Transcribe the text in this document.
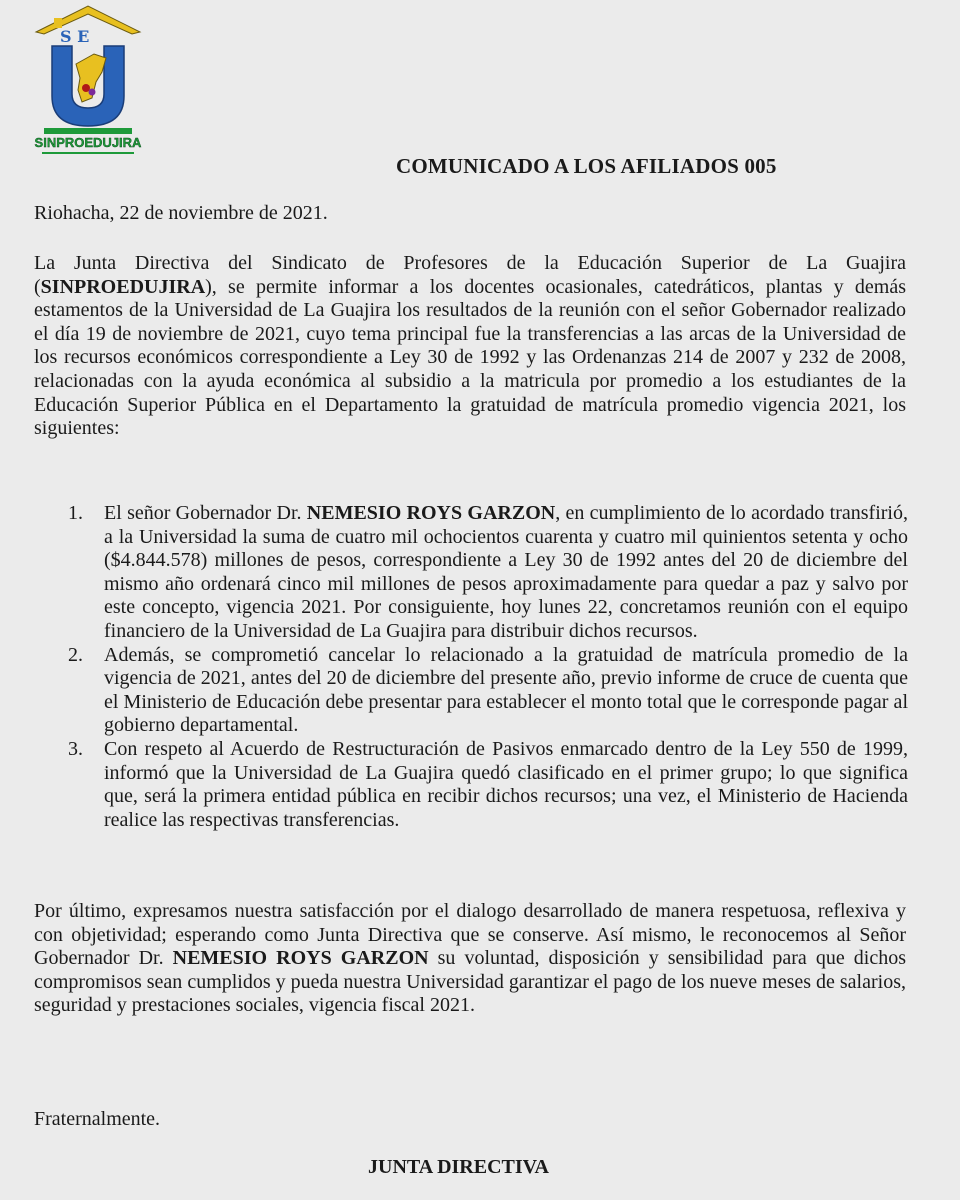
S E
SINPROEDUJIRA
COMUNICADO A LOS AFILIADOS 005
Riohacha, 22 de noviembre de 2021.
La Junta Directiva del Sindicato de Profesores de la Educación Superior de La Guajira (SINPROEDUJIRA), se permite informar a los docentes ocasionales, catedráticos, plantas y demás estamentos de la Universidad de La Guajira los resultados de la reunión con el señor Gobernador realizado el día 19 de noviembre de 2021, cuyo tema principal fue la transferencias a las arcas de la Universidad de los recursos económicos correspondiente a Ley 30 de 1992 y las Ordenanzas 214 de 2007 y 232 de 2008, relacionadas con la ayuda económica al subsidio a la matricula por promedio a los estudiantes de la Educación Superior Pública en el Departamento la gratuidad de matrícula promedio vigencia 2021, los siguientes:
1. El señor Gobernador Dr. NEMESIO ROYS GARZON, en cumplimiento de lo acordado transfirió, a la Universidad la suma de cuatro mil ochocientos cuarenta y cuatro mil quinientos setenta y ocho ($4.844.578) millones de pesos, correspondiente a Ley 30 de 1992 antes del 20 de diciembre del mismo año ordenará cinco mil millones de pesos aproximadamente para quedar a paz y salvo por este concepto, vigencia 2021. Por consiguiente, hoy lunes 22, concretamos reunión con el equipo financiero de la Universidad de La Guajira para distribuir dichos recursos.
2. Además, se comprometió cancelar lo relacionado a la gratuidad de matrícula promedio de la vigencia de 2021, antes del 20 de diciembre del presente año, previo informe de cruce de cuenta que el Ministerio de Educación debe presentar para establecer el monto total que le corresponde pagar al gobierno departamental.
3. Con respeto al Acuerdo de Restructuración de Pasivos enmarcado dentro de la Ley 550 de 1999, informó que la Universidad de La Guajira quedó clasificado en el primer grupo; lo que significa que, será la primera entidad pública en recibir dichos recursos; una vez, el Ministerio de Hacienda realice las respectivas transferencias.
Por último, expresamos nuestra satisfacción por el dialogo desarrollado de manera respetuosa, reflexiva y con objetividad; esperando como Junta Directiva que se conserve. Así mismo, le reconocemos al Señor Gobernador Dr. NEMESIO ROYS GARZON su voluntad, disposición y sensibilidad para que dichos compromisos sean cumplidos y pueda nuestra Universidad garantizar el pago de los nueve meses de salarios, seguridad y prestaciones sociales, vigencia fiscal 2021.
Fraternalmente.
JUNTA DIRECTIVA
